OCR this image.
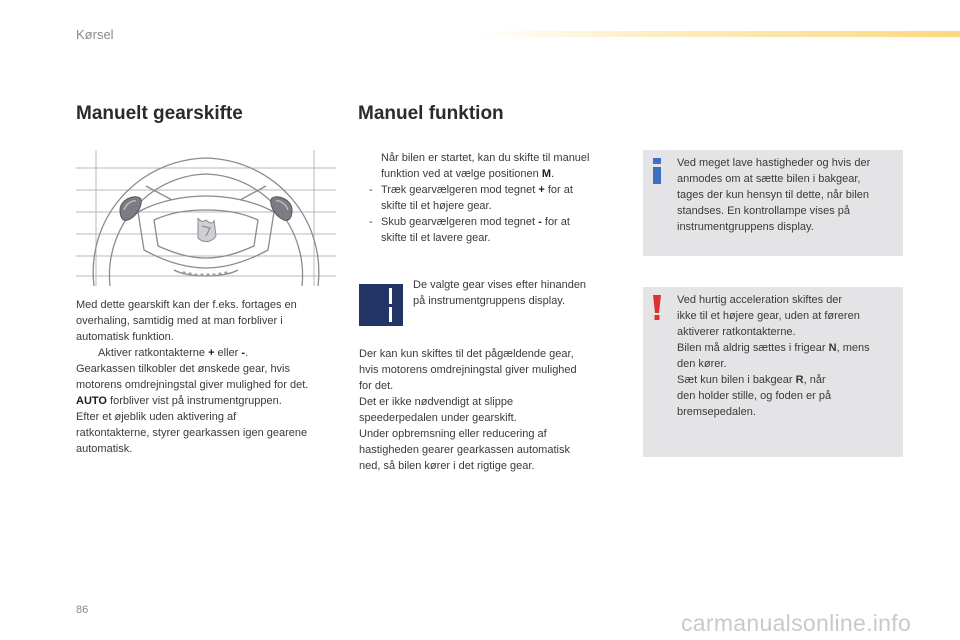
Kørsel
Manuelt gearskifte
Med dette gearskift kan der f.eks. fortages en
overhaling, samtidig med at man forbliver i
automatisk funktion.
Aktiver ratkontakterne + eller -.
Gearkassen tilkobler det ønskede gear, hvis
motorens omdrejningstal giver mulighed for det.
AUTO forbliver vist på instrumentgruppen.
Efter et øjeblik uden aktivering af
ratkontakterne, styrer gearkassen igen gearene
automatisk.
Manuel funktion
Når bilen er startet, kan du skifte til manuel
funktion ved at vælge positionen M.
- Træk gearvælgeren mod tegnet + for at
skifte til et højere gear.
- Skub gearvælgeren mod tegnet - for at
skifte til et lavere gear.
De valgte gear vises efter hinanden
på instrumentgruppens display.
Der kan kun skiftes til det pågældende gear,
hvis motorens omdrejningstal giver mulighed
for det.
Det er ikke nødvendigt at slippe
speederpedalen under gearskift.
Under opbremsning eller reducering af
hastigheden gearer gearkassen automatisk
ned, så bilen kører i det rigtige gear.
Ved meget lave hastigheder og hvis der
anmodes om at sætte bilen i bakgear,
tages der kun hensyn til dette, når bilen
standses. En kontrollampe vises på
instrumentgruppens display.
Ved hurtig acceleration skiftes der
ikke til et højere gear, uden at føreren
aktiverer ratkontakterne.
Bilen må aldrig sættes i frigear N, mens
den kører.
Sæt kun bilen i bakgear R, når
den holder stille, og foden er på
bremsepedalen.
86	carmanualsonline.info
